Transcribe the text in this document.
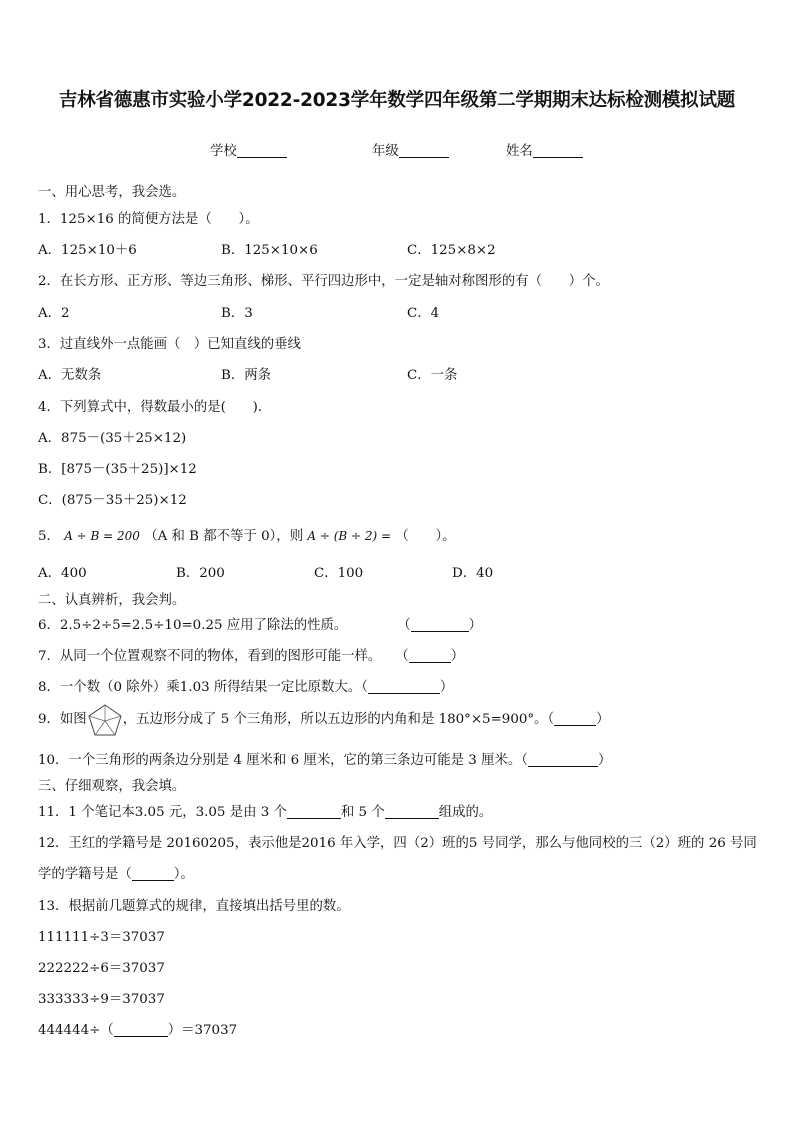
吉林省德惠市实验小学2022-2023学年数学四年级第二学期期末达标检测模拟试题
学校	年级	姓名
一、用心思考，我会选。
1．125×16 的简便方法是（　　）。
A．125×10＋6	B．125×10×6	C．125×8×2
2．在长方形、正方形、等边三角形、梯形、平行四边形中，一定是轴对称图形的有（　　）个。
A．2	B．3	C．4
3．过直线外一点能画（　）已知直线的垂线
A．无数条	B．两条	C．一条
4．下列算式中，得数最小的是(　　)．
A．875－(35＋25×12)
B．[875－(35＋25)]×12
C．(875－35＋25)×12
5． A ÷ B = 200 （A 和 B 都不等于 0），则 A ÷ (B ÷ 2) = （　　）。
A．400	B．200	C．100	D．40
二、认真辨析，我会判。
6．2.5÷2÷5=2.5÷10=0.25 应用了除法的性质。	（	）
7．从同一个位置观察不同的物体，看到的图形可能一样。 （	）
8．一个数（0 除外）乘1.03 所得结果一定比原数大。（	）
9．如图	，五边形分成了 5 个三角形，所以五边形的内角和是 180°×5=900°。（	）
10．一个三角形的两条边分别是 4 厘米和 6 厘米，它的第三条边可能是 3 厘米。（	）
三、仔细观察，我会填。
11．1 个笔记本3.05 元，3.05 是由 3 个	和 5 个	组成的。
12．王红的学籍号是 20160205，表示他是2016 年入学，四（2）班的5 号同学，那么与他同校的三（2）班的 26 号同
学的学籍号是（	）。
13．根据前几题算式的规律，直接填出括号里的数。
111111÷3＝37037
222222÷6＝37037
333333÷9＝37037
444444÷（	）＝37037
